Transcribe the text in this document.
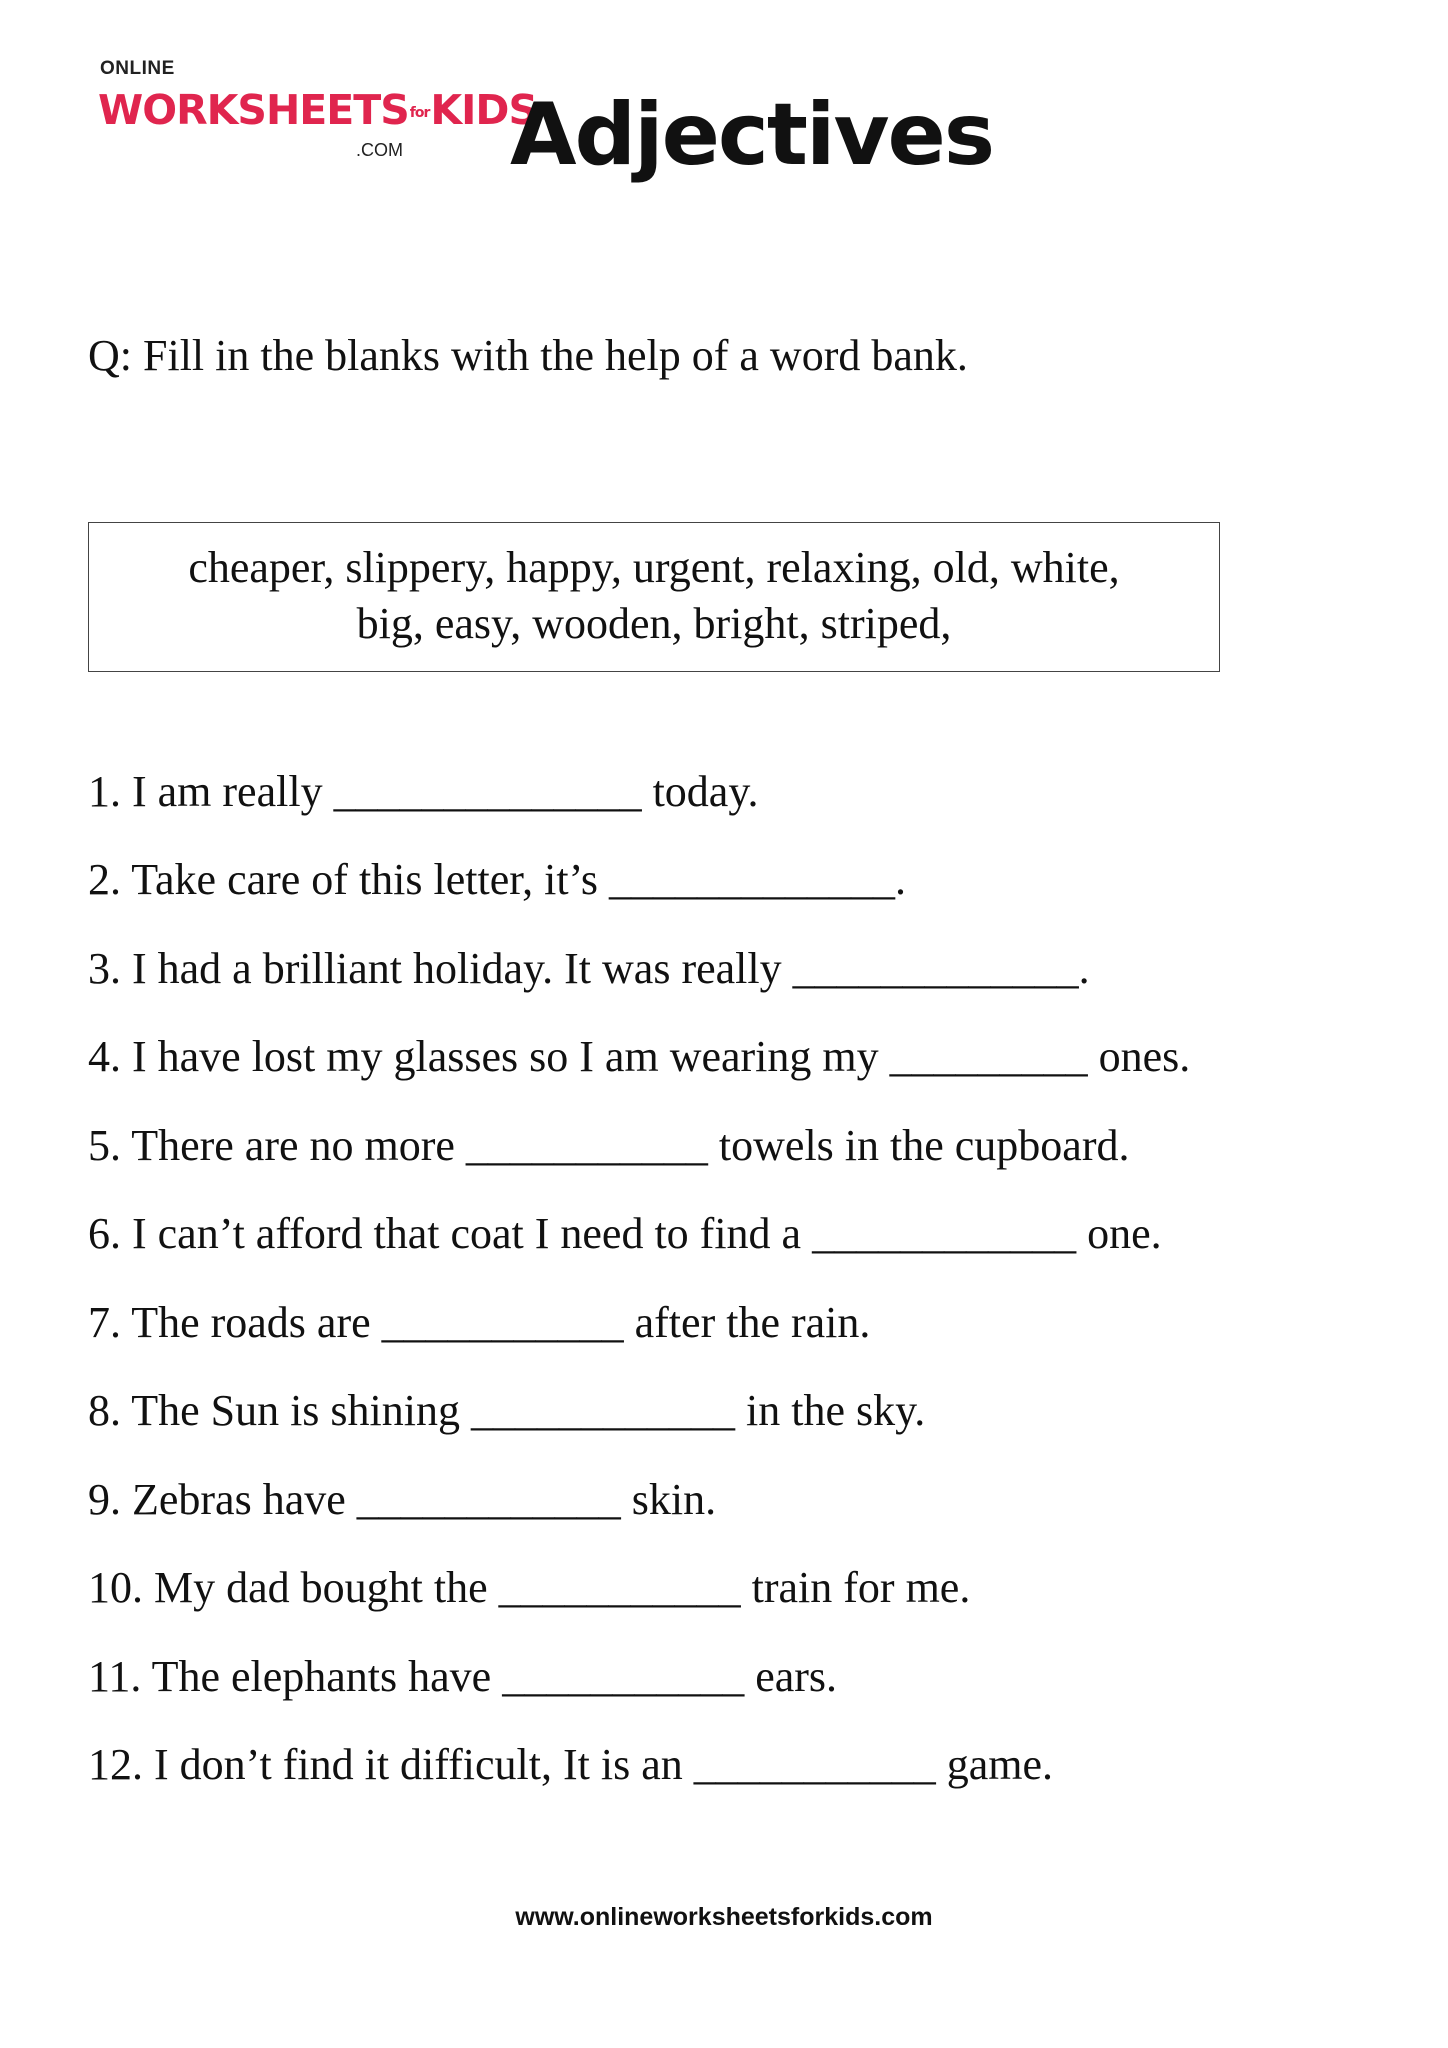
ONLINE
WORKSHEETSforKIDS
.COM Adjectives
Q: Fill in the blanks with the help of a word bank.
cheaper, slippery, happy, urgent, relaxing, old, white,
big, easy, wooden, bright, striped,
1. I am really ______________ today.
2. Take care of this letter, it’s _____________.
3. I had a brilliant holiday. It was really _____________.
4. I have lost my glasses so I am wearing my _________ ones.
5. There are no more ___________ towels in the cupboard.
6. I can’t afford that coat I need to find a ____________ one.
7. The roads are ___________ after the rain.
8. The Sun is shining ____________ in the sky.
9. Zebras have ____________ skin.
10. My dad bought the ___________ train for me.
11. The elephants have ___________ ears.
12. I don’t find it difficult, It is an ___________ game.
www.onlineworksheetsforkids.com
